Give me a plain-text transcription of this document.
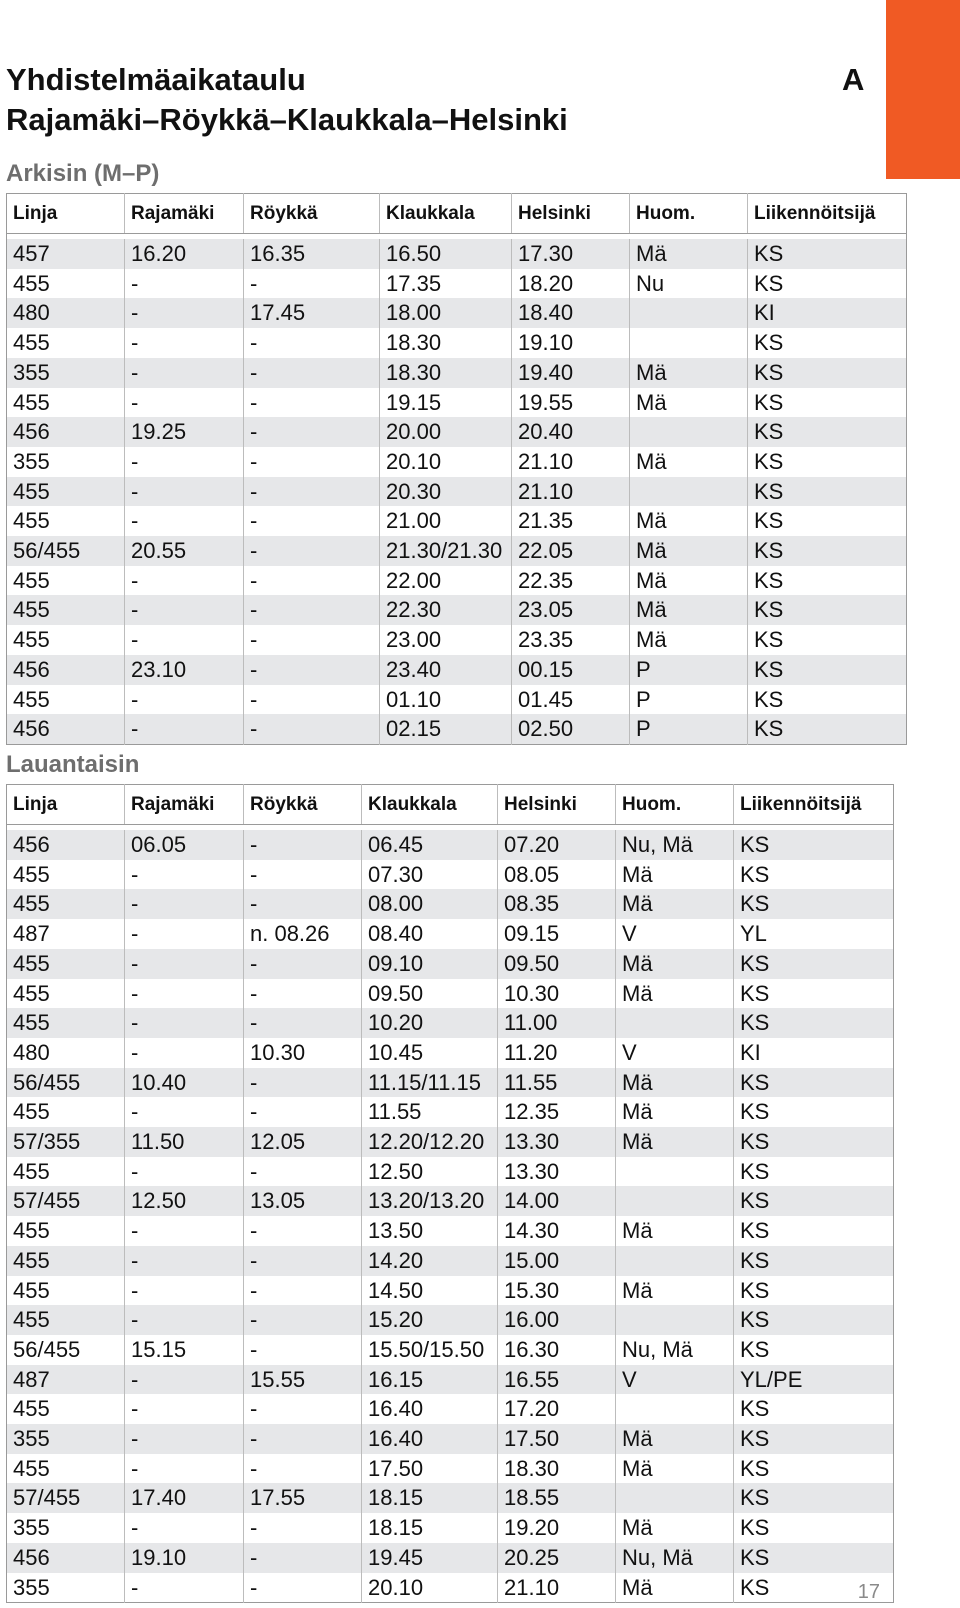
Yhdistelmäaikataulu
Rajamäki–Röykkä–Klaukkala–Helsinki
A
Arkisin (M–P)
Linja	Rajamäki	Röykkä	Klaukkala	Helsinki	Huom.	Liikennöitsijä

457	16.20	16.35	16.50	17.30	Mä	KS
455	-	-	17.35	18.20	Nu	KS
480	-	17.45	18.00	18.40		KI
455	-	-	18.30	19.10		KS
355	-	-	18.30	19.40	Mä	KS
455	-	-	19.15	19.55	Mä	KS
456	19.25	-	20.00	20.40		KS
355	-	-	20.10	21.10	Mä	KS
455	-	-	20.30	21.10		KS
455	-	-	21.00	21.35	Mä	KS
56/455	20.55	-	21.30/21.30	22.05	Mä	KS
455	-	-	22.00	22.35	Mä	KS
455	-	-	22.30	23.05	Mä	KS
455	-	-	23.00	23.35	Mä	KS
456	23.10	-	23.40	00.15	P	KS
455	-	-	01.10	01.45	P	KS
456	-	-	02.15	02.50	P	KS
Lauantaisin
Linja	Rajamäki	Röykkä	Klaukkala	Helsinki	Huom.	Liikennöitsijä

456	06.05	-	06.45	07.20	Nu, Mä	KS
455	-	-	07.30	08.05	Mä	KS
455	-	-	08.00	08.35	Mä	KS
487	-	n. 08.26	08.40	09.15	V	YL
455	-	-	09.10	09.50	Mä	KS
455	-	-	09.50	10.30	Mä	KS
455	-	-	10.20	11.00		KS
480	-	10.30	10.45	11.20	V	KI
56/455	10.40	-	11.15/11.15	11.55	Mä	KS
455	-	-	11.55	12.35	Mä	KS
57/355	11.50	12.05	12.20/12.20	13.30	Mä	KS
455	-	-	12.50	13.30		KS
57/455	12.50	13.05	13.20/13.20	14.00		KS
455	-	-	13.50	14.30	Mä	KS
455	-	-	14.20	15.00		KS
455	-	-	14.50	15.30	Mä	KS
455	-	-	15.20	16.00		KS
56/455	15.15	-	15.50/15.50	16.30	Nu, Mä	KS
487	-	15.55	16.15	16.55	V	YL/PE
455	-	-	16.40	17.20		KS
355	-	-	16.40	17.50	Mä	KS
455	-	-	17.50	18.30	Mä	KS
57/455	17.40	17.55	18.15	18.55		KS
355	-	-	18.15	19.20	Mä	KS
456	19.10	-	19.45	20.25	Nu, Mä	KS
355	-	-	20.10	21.10	Mä	KS	17
